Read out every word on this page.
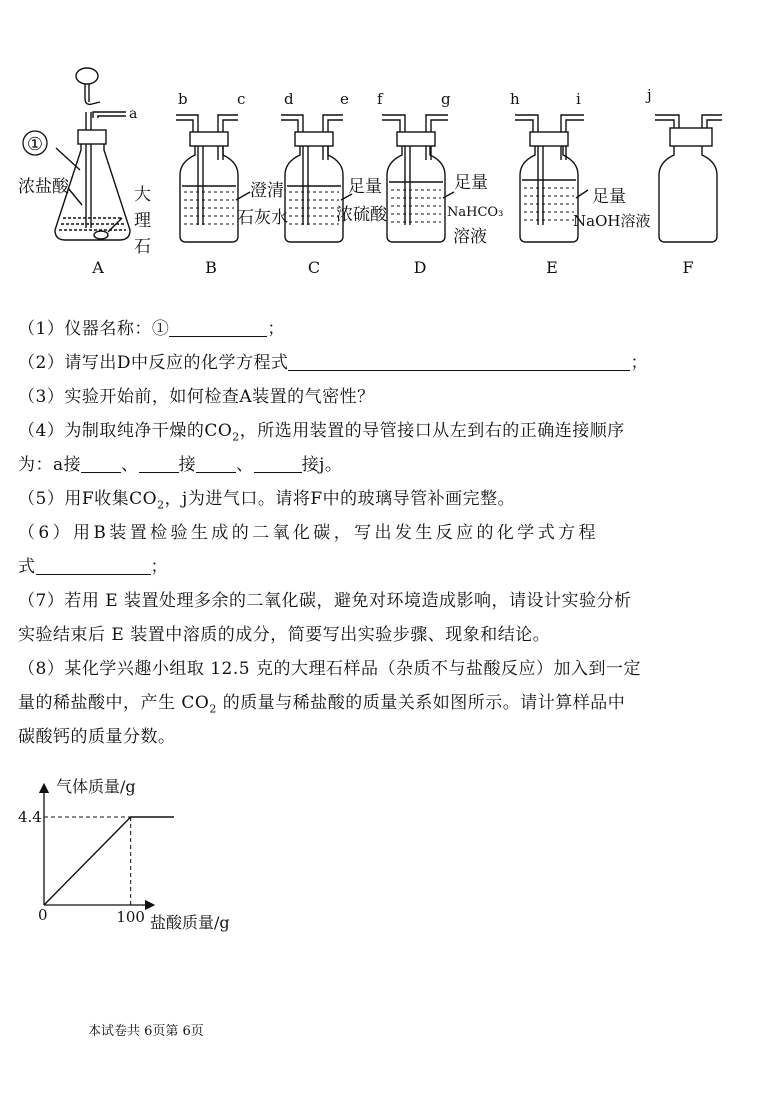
①
a
浓盐酸	大
理
石
A
b	c
澄清
石灰水
B
d	e
足量
浓硫酸
C
f	g
足量
NaHCO₃
溶液
D
h	i
足量
NaOH溶液
E
j
F
（1）仪器名称：①	；
（2）请写出D中反应的化学方程式	；
（3）实验开始前，如何检查A装置的气密性？
（4）为制取纯净干燥的$CO_2$，所选用装置的导管接口从左到右的正确连接顺序
为：a接 、 接 、	接j。
（5）用F收集$CO_2$，j为进气口。请将F中的玻璃导管补画完整。
（6）用B装置检验生成的二氧化碳，写出发生反应的化学式方程
式	；
（7）若用 E 装置处理多余的二氧化碳，避免对环境造成影响，请设计实验分析
实验结束后 E 装置中溶质的成分，简要写出实验步骤、现象和结论。
（8）某化学兴趣小组取 12.5 克的大理石样品（杂质不与盐酸反应）加入到一定
量的稀盐酸中，产生 $CO_2$ 的质量与稀盐酸的质量关系如图所示。请计算样品中
碳酸钙的质量分数。
气体质量/g
盐酸质量/g
0	100
4.4
本试卷共 6页第 6页
